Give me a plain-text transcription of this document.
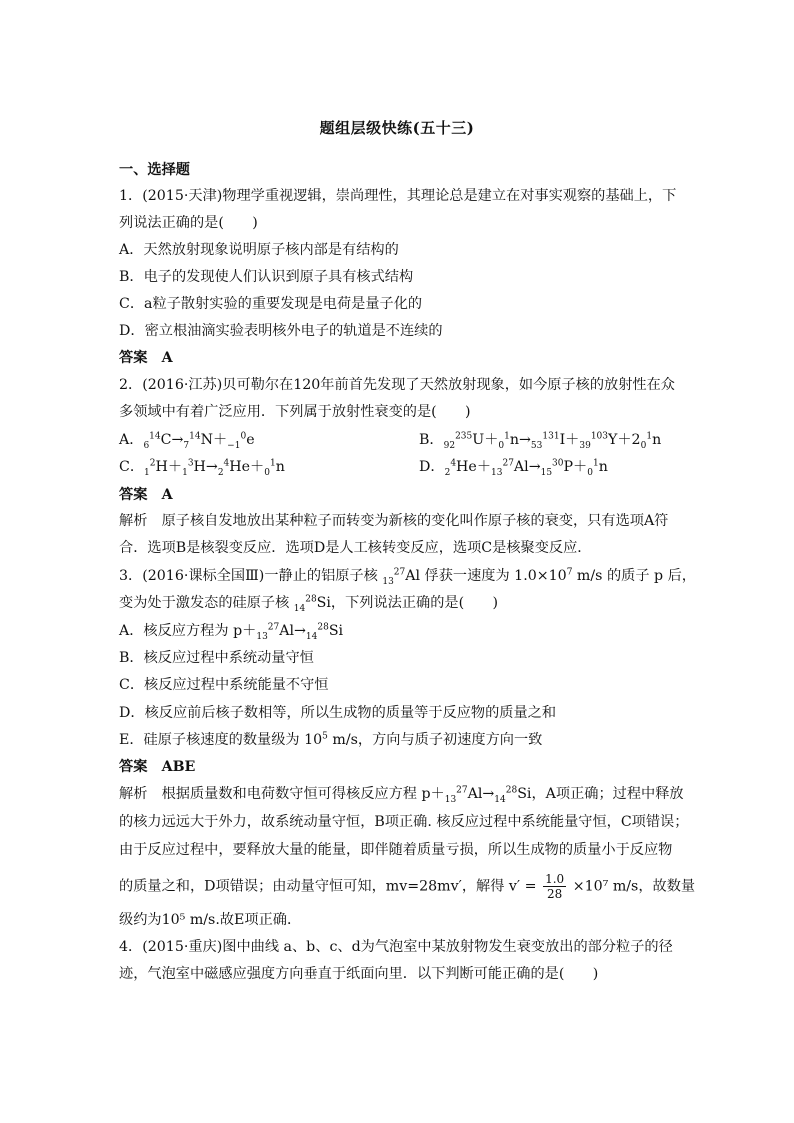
题组层级快练(五十三)
一、选择题
1．(2015·天津)物理学重视逻辑，崇尚理性，其理论总是建立在对事实观察的基础上，下
列说法正确的是(　　)
A．天然放射现象说明原子核内部是有结构的
B．电子的发现使人们认识到原子具有核式结构
C．a粒子散射实验的重要发现是电荷是量子化的
D．密立根油滴实验表明核外电子的轨道是不连续的
答案　A
2．(2016·江苏)贝可勒尔在120年前首先发现了天然放射现象，如今原子核的放射性在众
多领域中有着广泛应用．下列属于放射性衰变的是(　　)
A．$_6^{14}C\to_7^{14}N+_{-1}^0e$	B．$_{92}^{235}U+_0^1n\to_{53}^{131}I+_{39}^{103}Y+2_0^1n$
C．$_1^2H+_1^3H\to_2^4He+_0^1n$	D．$_2^4He+_{13}^{27}Al\to_{15}^{30}P+_0^1n$
答案　A
解析　原子核自发地放出某种粒子而转变为新核的变化叫作原子核的衰变，只有选项A符
合．选项B是核裂变反应．选项D是人工核转变反应，选项C是核聚变反应．
3．(2016·课标全国Ⅲ)一静止的铝原子核 $_{13}^{27}$Al 俘获一速度为 $1.0\times 10^7$ m/s 的质子 p 后，
变为处于激发态的硅原子核 $_{14}^{28}$Si，下列说法正确的是(　　)
A．核反应方程为 $p+_{13}^{27}Al\to_{14}^{28}Si$
B．核反应过程中系统动量守恒
C．核反应过程中系统能量不守恒
D．核反应前后核子数相等，所以生成物的质量等于反应物的质量之和
E．硅原子核速度的数量级为 $10^5$ m/s，方向与质子初速度方向一致
答案　ABE
解析　根据质量数和电荷数守恒可得核反应方程 $p+_{13}^{27}Al\to_{14}^{28}Si$，A项正确；过程中释放
的核力远远大于外力，故系统动量守恒，B项正确. 核反应过程中系统能量守恒，C项错误；
由于反应过程中，要释放大量的能量，即伴随着质量亏损，所以生成物的质量小于反应物
的质量之和，D项错误；由动量守恒可知，mv=28mv′，解得 $v' = \frac{1.0}{28} \times 10^7$ m/s，故数量
级约为10⁵ m/s.故E项正确．
4．(2015·重庆)图中曲线 a、b、c、d为气泡室中某放射物发生衰变放出的部分粒子的径
迹，气泡室中磁感应强度方向垂直于纸面向里．以下判断可能正确的是(　　)
